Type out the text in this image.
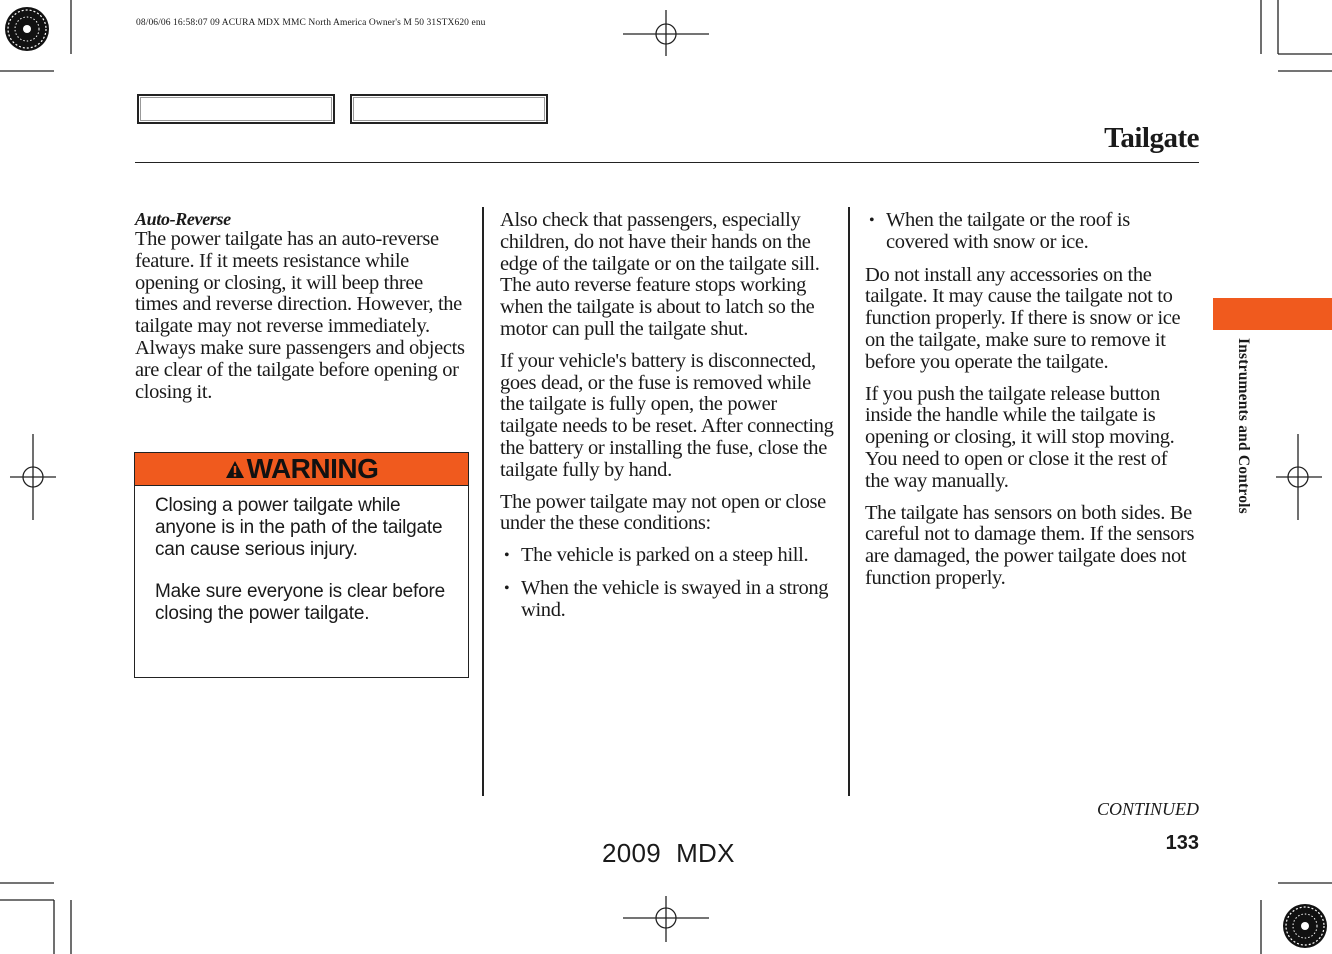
08/06/06 16:58:07 09 ACURA MDX MMC North America Owner's M 50 31STX620 enu
Tailgate
Auto-Reverse

The power tailgate has an auto-reverse feature. If it meets resistance while opening or closing, it will beep three times and reverse direction. However, the tailgate may not reverse immediately. Always make sure passengers and objects are clear of the tailgate before opening or closing it.

WARNING

Closing a power tailgate while anyone is in the path of the tailgate can cause serious injury.

Make sure everyone is clear before closing the power tailgate.

Also check that passengers, especially children, do not have their hands on the edge of the tailgate or on the tailgate sill. The auto reverse feature stops working when the tailgate is about to latch so the motor can pull the tailgate shut.

If your vehicle's battery is disconnected, goes dead, or the fuse is removed while the tailgate is fully open, the power tailgate needs to be reset. After connecting the battery or installing the fuse, close the tailgate fully by hand.

The power tailgate may not open or close under the these conditions:

• The vehicle is parked on a steep hill.
• When the vehicle is swayed in a strong wind.
• When the tailgate or the roof is covered with snow or ice.

Do not install any accessories on the tailgate. It may cause the tailgate not to function properly. If there is snow or ice on the tailgate, make sure to remove it before you operate the tailgate.

If you push the tailgate release button inside the handle while the tailgate is opening or closing, it will stop moving. You need to open or close it the rest of the way manually.

The tailgate has sensors on both sides. Be careful not to damage them. If the sensors are damaged, the power tailgate does not function properly.

Instruments and Controls
CONTINUED
133
2009  MDX
